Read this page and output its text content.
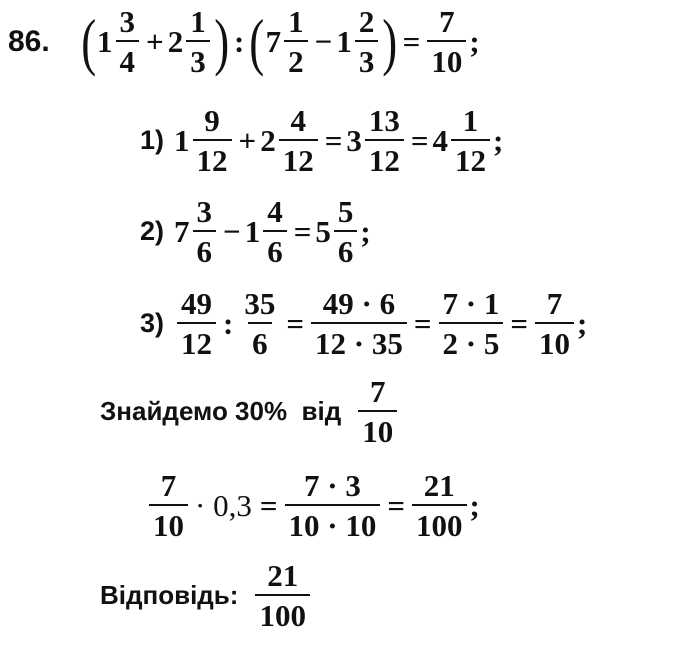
86. ( $1 \frac{3}{4} + 2 \frac{1}{3}$ ) : ( $7 \frac{1}{2} - 1 \frac{2}{3}$ ) = $\frac{7}{10}$ ;
1) $1 \frac{9}{12} + 2 \frac{4}{12} = 3 \frac{13}{12} = 4 \frac{1}{12}$ ;
2) $7 \frac{3}{6} - 1 \frac{4}{6} = 5 \frac{5}{6}$ ;
$3) \frac{49}{12}$ : $\frac{35}{6} = \frac{49 \cdot 6}{12 \cdot 35} = \frac{7 \cdot 1}{2 \cdot 5} = \frac{7}{10}$ ;
Знайдемо 30%  від $\frac{7}{10}$
$\frac{7}{10} \cdot 0,3 = \frac{7 \cdot 3}{10 \cdot 10} = \frac{21}{100}$ ;
Відповідь: $\frac{21}{100}$
